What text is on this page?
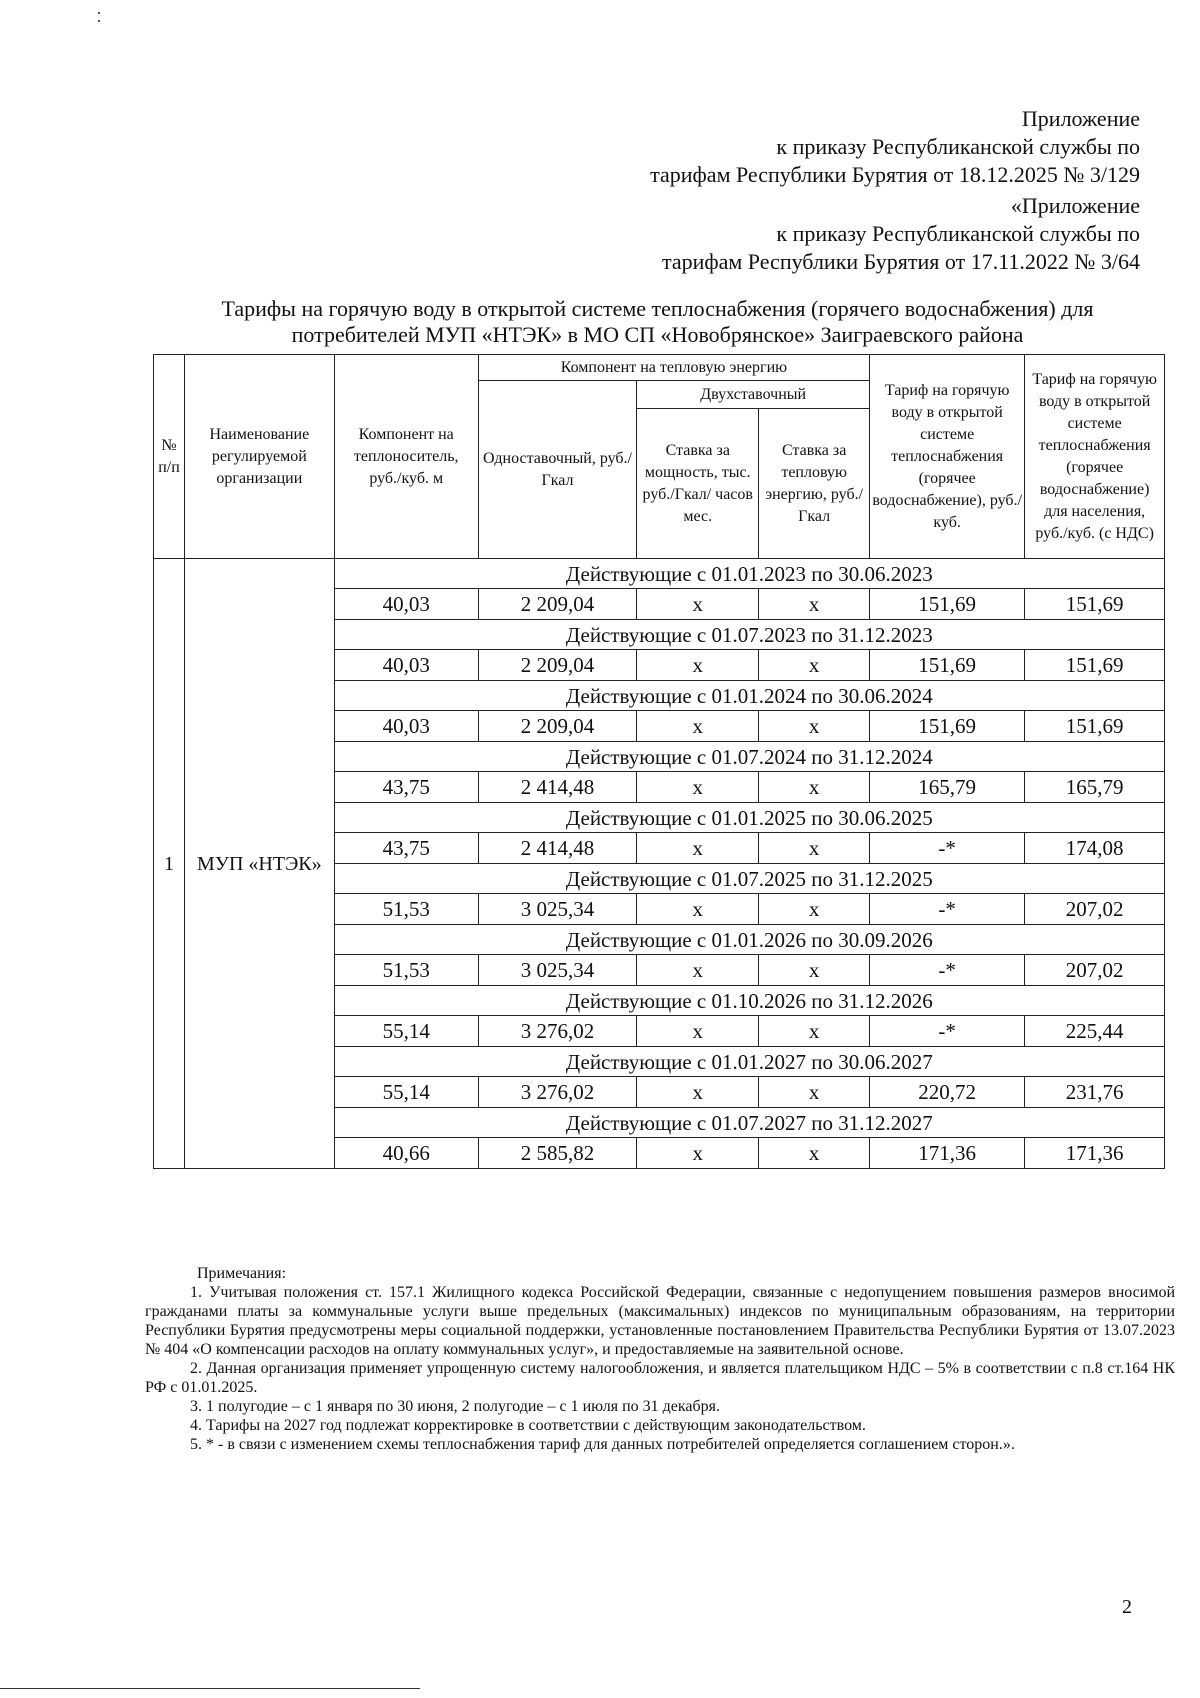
Приложение
к приказу Республиканской службы по
тарифам Республики Бурятия от 18.12.2025 № 3/129
«Приложение
к приказу Республиканской службы по
тарифам Республики Бурятия от 17.11.2022 № 3/64
Тарифы на горячую воду в открытой системе теплоснабжения (горячего водоснабжения) для
потребителей МУП «НТЭК» в МО СП «Новобрянское» Заиграевского района
№ п/п	Наименование регулируемой организации	Компонент на теплоноситель, руб./куб. м	Компонент на тепловую энергию			Тариф на горячую воду в открытой системе теплоснабжения (горячее водоснабжение), руб./куб.	Тариф на горячую воду в открытой системе теплоснабжения (горячее водоснабжение) для населения, руб./куб. (с НДС)
			Одноставочный, руб./Гкал	Двухставочный			
				Ставка за мощность, тыс. руб./Гкал/ часов мес.	Ставка за тепловую энергию, руб./Гкал		
1	МУП «НТЭК»	Действующие с 01.01.2023 по 30.06.2023					
		40,03	2 209,04	х	х	151,69	151,69
		Действующие с 01.07.2023 по 31.12.2023					
		40,03	2 209,04	х	х	151,69	151,69
		Действующие с 01.01.2024 по 30.06.2024					
		40,03	2 209,04	х	х	151,69	151,69
		Действующие с 01.07.2024 по 31.12.2024					
		43,75	2 414,48	х	х	165,79	165,79
		Действующие с 01.01.2025 по 30.06.2025					
		43,75	2 414,48	х	х	-*	174,08
		Действующие с 01.07.2025 по 31.12.2025					
		51,53	3 025,34	х	х	-*	207,02
		Действующие с 01.01.2026 по 30.09.2026					
		51,53	3 025,34	х	х	-*	207,02
		Действующие с 01.10.2026 по 31.12.2026					
		55,14	3 276,02	х	х	-*	225,44
		Действующие с 01.01.2027 по 30.06.2027					
		55,14	3 276,02	х	х	220,72	231,76
		Действующие с 01.07.2027 по 31.12.2027					
		40,66	2 585,82	х	х	171,36	171,36

Примечания:

1. Учитывая положения ст. 157.1 Жилищного кодекса Российской Федерации, связанные с недопущением повышения размеров вносимой гражданами платы за коммунальные услуги выше предельных (максимальных) индексов по муниципальным образованиям, на территории Республики Бурятия предусмотрены меры социальной поддержки, установленные постановлением Правительства Республики Бурятия от 13.07.2023 № 404 «О компенсации расходов на оплату коммунальных услуг», и предоставляемые на заявительной основе.

2. Данная организация применяет упрощенную систему налогообложения, и является плательщиком НДС – 5% в соответствии с п.8 ст.164 НК РФ с 01.01.2025.

3. 1 полугодие – с 1 января по 30 июня, 2 полугодие – с 1 июля по 31 декабря.

4. Тарифы на 2027 год подлежат корректировке в соответствии с действующим законодательством.

5. * - в связи с изменением схемы теплоснабжения тариф для данных потребителей определяется соглашением сторон.».

2
